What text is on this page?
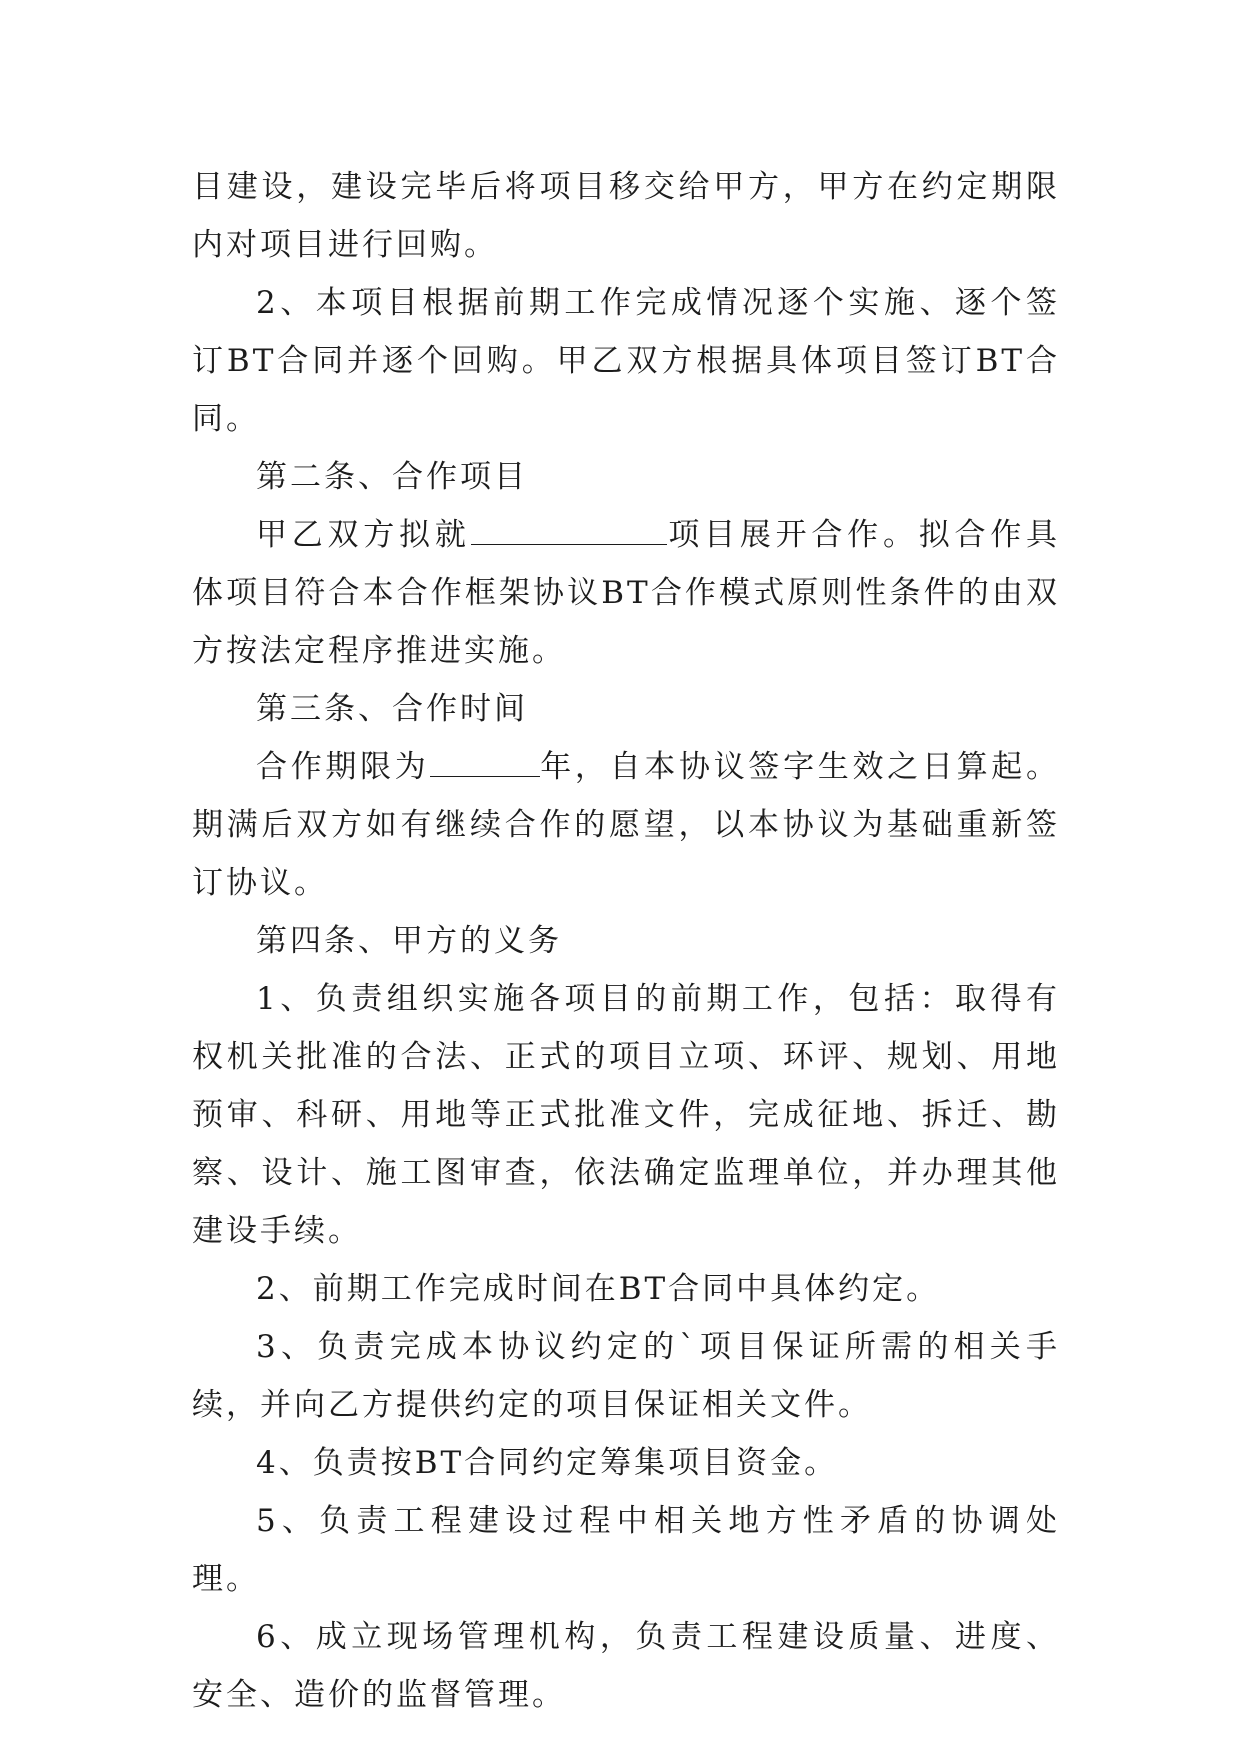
目建设，建设完毕后将项目移交给甲方，甲方在约定期限内对项目进行回购。

2、本项目根据前期工作完成情况逐个实施、逐个签订BT合同并逐个回购。甲乙双方根据具体项目签订BT合同。

第二条、合作项目

甲乙双方拟就	项目展开合作。拟合作具体项目符合本合作框架协议BT合作模式原则性条件的由双方按法定程序推进实施。

第三条、合作时间

合作期限为	年，自本协议签字生效之日算起。期满后双方如有继续合作的愿望，以本协议为基础重新签订协议。

第四条、甲方的义务

1、负责组织实施各项目的前期工作，包括：取得有权机关批准的合法、正式的项目立项、环评、规划、用地预审、科研、用地等正式批准文件，完成征地、拆迁、勘察、设计、施工图审查，依法确定监理单位，并办理其他建设手续。

2、前期工作完成时间在BT合同中具体约定。

3、负责完成本协议约定的`项目保证所需的相关手续，并向乙方提供约定的项目保证相关文件。

4、负责按BT合同约定筹集项目资金。

5、负责工程建设过程中相关地方性矛盾的协调处理。

6、成立现场管理机构，负责工程建设质量、进度、安全、造价的监督管理。
